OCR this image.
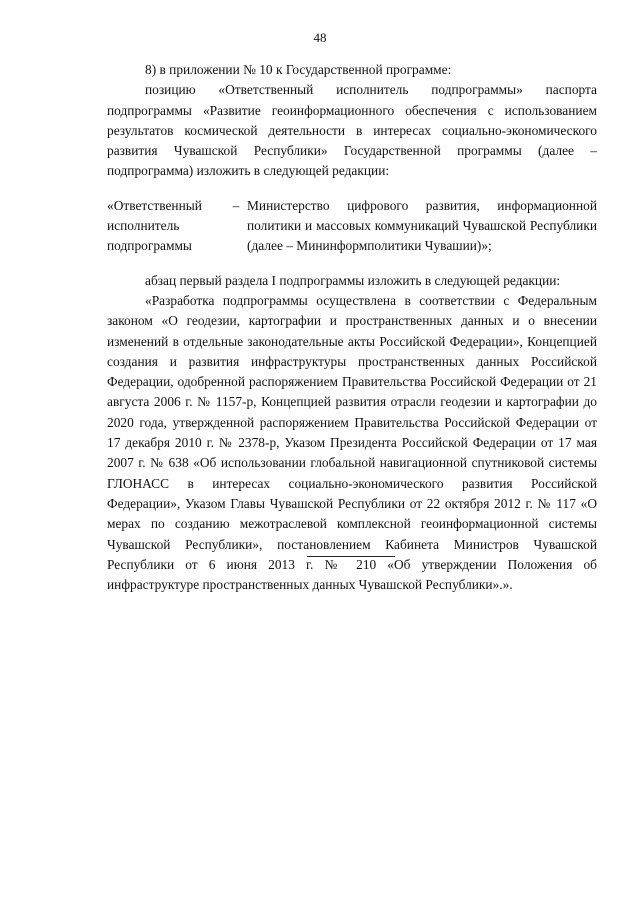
48

8) в приложении № 10 к Государственной программе:

позицию «Ответственный исполнитель подпрограммы» паспорта подпрограммы «Развитие геоинформационного обеспечения с использованием результатов космической деятельности в интересах социально-экономического развития Чувашской Республики» Государственной программы (далее – подпрограмма) изложить в следующей редакции:

«Ответственный исполнитель подпрограммы
– Министерство цифрового развития, информационной политики и массовых коммуникаций Чувашской Республики (далее – Мининформполитики Чувашии)»;

абзац первый раздела I подпрограммы изложить в следующей редакции:

«Разработка подпрограммы осуществлена в соответствии с Федеральным законом «О геодезии, картографии и пространственных данных и о внесении изменений в отдельные законодательные акты Российской Федерации», Концепцией создания и развития инфраструктуры пространственных данных Российской Федерации, одобренной распоряжением Правительства Российской Федерации от 21 августа 2006 г. № 1157-р, Концепцией развития отрасли геодезии и картографии до 2020 года, утвержденной распоряжением Правительства Российской Федерации от 17 декабря 2010 г. № 2378-р, Указом Президента Российской Федерации от 17 мая 2007 г. № 638 «Об использовании глобальной навигационной спутниковой системы ГЛОНАСС в интересах социально-экономического развития Российской Федерации», Указом Главы Чувашской Республики от 22 октября 2012 г. № 117 «О мерах по созданию межотраслевой комплексной геоинформационной системы Чувашской Республики», постановлением Кабинета Министров Чувашской Республики от 6 июня 2013 г. № 210 «Об утверждении Положения об инфраструктуре пространственных данных Чувашской Республики».».
